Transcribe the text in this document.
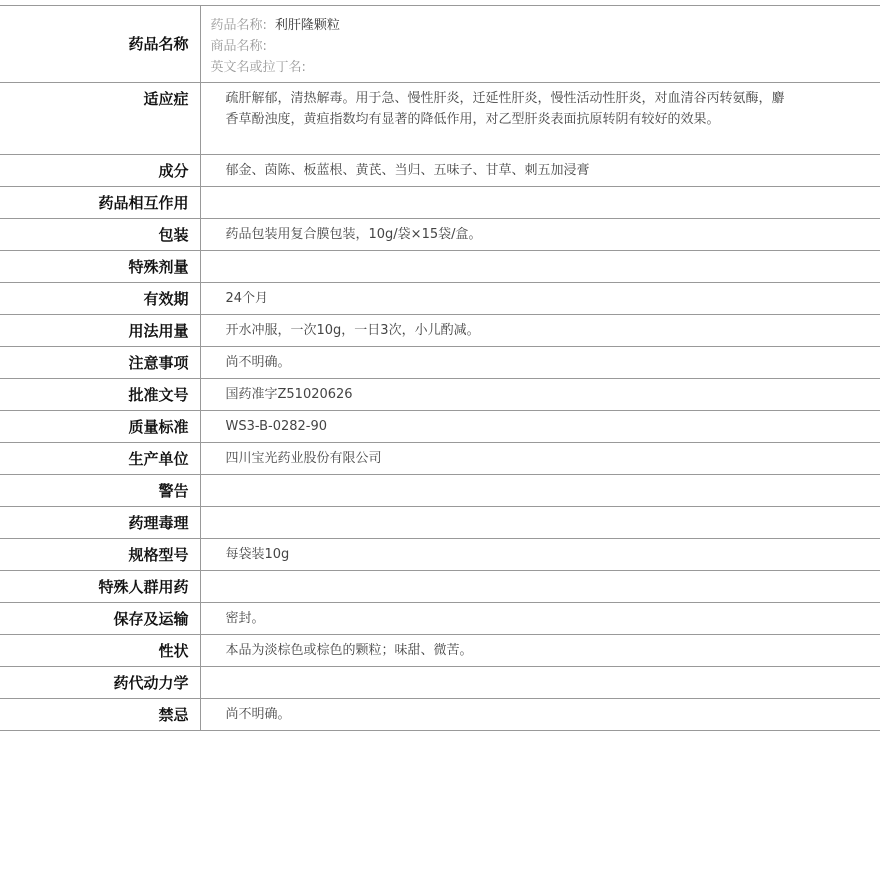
药品名称	药品名称: 利肝隆颗粒
商品名称:
英文名或拉丁名:

适应症	疏肝解郁，清热解毒。用于急、慢性肝炎，迁延性肝炎，慢性活动性肝炎，对血清谷丙转氨酶，麝香草酚浊度，黄疸指数均有显著的降低作用，对乙型肝炎表面抗原转阴有较好的效果。
成分	郁金、茵陈、板蓝根、黄芪、当归、五味子、甘草、刺五加浸膏
药品相互作用	
包装	药品包装用复合膜包装，10g/袋×15袋/盒。
特殊剂量	
有效期	24个月
用法用量	开水冲服，一次10g，一日3次，小儿酌减。
注意事项	尚不明确。
批准文号	国药准字Z51020626
质量标准	WS3-B-0282-90
生产单位	四川宝光药业股份有限公司
警告	
药理毒理	
规格型号	每袋装10g
特殊人群用药	
保存及运输	密封。
性状	本品为淡棕色或棕色的颗粒；味甜、微苦。
药代动力学	
禁忌	尚不明确。
